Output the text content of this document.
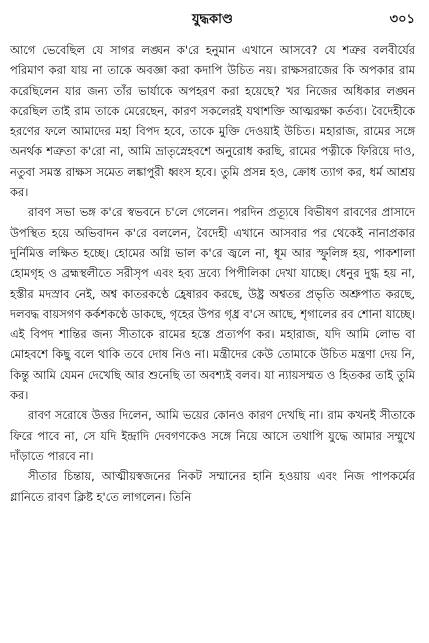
যুদ্ধকাণ্ড	৩০১

আগে ভেবেছিল যে সাগর লঙ্ঘন ক'রে হনুমান এখানে আসবে? যে শত্রুর বলবীর্যের পরিমাণ করা যায় না তাকে অবজ্ঞা করা কদাপি উচিত নয়। রাক্ষসরাজের কি অপকার রাম করেছিলেন যার জন্য তাঁর ভার্যাকে অপহরণ করা হয়েছে? খর নিজের অধিকার লঙ্ঘন করেছিল তাই রাম তাকে মেরেছেন, কারণ সকলেরই যথাশক্তি আত্মরক্ষা কর্তব্য। বৈদেহীকে হরণের ফলে আমাদের মহা বিপদ হবে, তাকে মুক্তি দেওয়াই উচিত। মহারাজ, রামের সঙ্গে অনর্থক শত্রুতা ক'রো না, আমি ভ্রাতৃস্নেহবশে অনুরোধ করছি, রামের পত্নীকে ফিরিয়ে দাও, নতুবা সমস্ত রাক্ষস সমেত লঙ্কাপুরী ধ্বংস হবে। তুমি প্রসন্ন হও, ক্রোধ ত্যাগ কর, ধর্ম আশ্রয় কর।

রাবণ সভা ভঙ্গ ক'রে স্বভবনে চ'লে গেলেন। পরদিন প্রত্যূষে বিভীষণ রাবণের প্রাসাদে উপস্থিত হয়ে অভিবাদন ক'রে বললেন, বৈদেহী এখানে আসবার পর থেকেই নানাপ্রকার দুর্নিমিত্ত লক্ষিত হচ্ছে। হোমের অগ্নি ভাল ক'রে জ্বলে না, ধূম আর স্ফুলিঙ্গ হয়, পাকশালা হোমগৃহ ও ব্রহ্মস্থলীতে সরীসৃপ এবং হব্য দ্রব্যে পিপীলিকা দেখা যাচ্ছে। ধেনুর দুগ্ধ হয় না, হস্তীর মদস্রাব নেই, অশ্ব কাতরকণ্ঠে হ্রেষারব করছে, উষ্ট্র অশ্বতর প্রভৃতি অশ্রুপাত করছে, দলবদ্ধ বায়সগণ কর্কশকণ্ঠে ডাকছে, গৃহের উপর গৃধ্র ব'সে আছে, শৃগালের রব শোনা যাচ্ছে। এই বিপদ শান্তির জন্য সীতাকে রামের হস্তে প্রত্যর্পণ কর। মহারাজ, যদি আমি লোভ বা মোহবশে কিছু বলে থাকি তবে দোষ নিও না। মন্ত্রীদের কেউ তোমাকে উচিত মন্ত্রণা দেয় নি, কিন্তু আমি যেমন দেখেছি আর শুনেছি তা অবশ্যই বলব। যা ন্যায়সম্মত ও হিতকর তাই তুমি কর।

রাবণ সরোষে উত্তর দিলেন, আমি ভয়ের কোনও কারণ দেখছি না। রাম কখনই সীতাকে ফিরে পাবে না, সে যদি ইন্দ্রাদি দেবগণকেও সঙ্গে নিয়ে আসে তথাপি যুদ্ধে আমার সম্মুখে দাঁড়াতে পারবে না।

সীতার চিন্তায়, আত্মীয়স্বজনের নিকট সম্মানের হানি হওয়ায় এবং নিজ পাপকর্মের গ্লানিতে রাবণ ক্লিষ্ট হ'তে লাগলেন। তিনি
